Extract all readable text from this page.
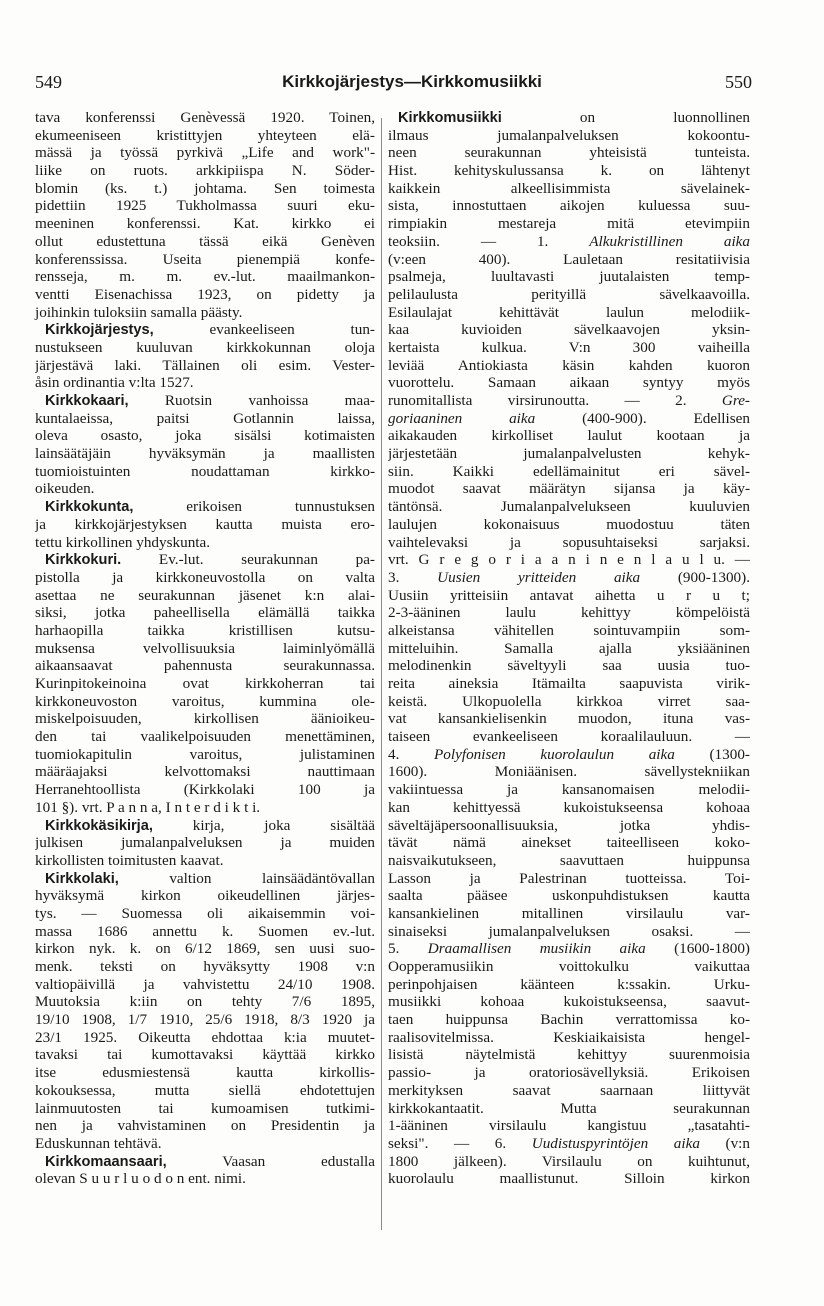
549	Kirkkojärjestys—Kirkkomusiikki	550
tava konferenssi Genèvessä 1920. Toinen,
ekumeeniseen kristittyjen yhteyteen elä-
mässä ja työssä pyrkivä „Life and work"-
liike on ruots. arkkipiispa N. Söder-
blomin (ks. t.) johtama. Sen toimesta
pidettiin 1925 Tukholmassa suuri eku-
meeninen konferenssi. Kat. kirkko ei
ollut edustettuna tässä eikä Genèven
konferenssissa. Useita pienempiä konfe-
rensseja, m. m. ev.-lut. maailmankon-
ventti Eisenachissa 1923, on pidetty ja
joihinkin tuloksiin samalla päästy.
Kirkkojärjestys, evankeeliseen tun-
nustukseen kuuluvan kirkkokunnan oloja
järjestävä laki. Tällainen oli esim. Vester-
åsin ordinantia v:lta 1527.
Kirkkokaari, Ruotsin vanhoissa maa-
kuntalaeissa, paitsi Gotlannin laissa,
oleva osasto, joka sisälsi kotimaisten
lainsäätäjäin hyväksymän ja maallisten
tuomioistuinten noudattaman kirkko-
oikeuden.
Kirkkokunta, erikoisen tunnustuksen
ja kirkkojärjestyksen kautta muista ero-
tettu kirkollinen yhdyskunta.
Kirkkokuri. Ev.-lut. seurakunnan pa-
pistolla ja kirkkoneuvostolla on valta
asettaa ne seurakunnan jäsenet k:n alai-
siksi, jotka paheellisella elämällä taikka
harhaopilla taikka kristillisen kutsu-
muksensa velvollisuuksia laiminlyömällä
aikaansaavat pahennusta seurakunnassa.
Kurinpitokeinoina ovat kirkkoherran tai
kirkkoneuvoston varoitus, kummina ole-
miskelpoisuuden, kirkollisen äänioikeu-
den tai vaalikelpoisuuden menettäminen,
tuomiokapitulin varoitus, julistaminen
määräajaksi kelvottomaksi nauttimaan
Herranehtoollista (Kirkkolaki 100 ja
101 §). vrt. P a n n a, I n t e r d i k t i.
Kirkkokäsikirja, kirja, joka sisältää
julkisen jumalanpalveluksen ja muiden
kirkollisten toimitusten kaavat.
Kirkkolaki, valtion lainsäädäntövallan
hyväksymä kirkon oikeudellinen järjes-
tys. — Suomessa oli aikaisemmin voi-
massa 1686 annettu k. Suomen ev.-lut.
kirkon nyk. k. on 6/12 1869, sen uusi suo-
menk. teksti on hyväksytty 1908 v:n
valtiopäivillä ja vahvistettu 24/10 1908.
Muutoksia k:iin on tehty 7/6 1895,
19/10 1908, 1/7 1910, 25/6 1918, 8/3 1920 ja
23/1 1925. Oikeutta ehdottaa k:ia muutet-
tavaksi tai kumottavaksi käyttää kirkko
itse edusmiestensä kautta kirkollis-
kokouksessa, mutta siellä ehdotettujen
lainmuutosten tai kumoamisen tutkimi-
nen ja vahvistaminen on Presidentin ja
Eduskunnan tehtävä.
Kirkkomaansaari, Vaasan edustalla
olevan S u u r l u o d o n ent. nimi.
Kirkkomusiikki on luonnollinen
ilmaus jumalanpalveluksen kokoontu-
neen seurakunnan yhteisistä tunteista.
Hist. kehityskulussansa k. on lähtenyt
kaikkein alkeellisimmista sävelainek-
sista, innostuttaen aikojen kuluessa suu-
rimpiakin mestareja mitä etevimpiin
teoksiin. — 1. Alkukristillinen aika
(v:een 400). Lauletaan resitatiivisia
psalmeja, luultavasti juutalaisten temp-
pelilaulusta perityillä sävelkaavoilla.
Esilaulajat kehittävät laulun melodiik-
kaa kuvioiden sävelkaavojen yksin-
kertaista kulkua. V:n 300 vaiheilla
leviää Antiokiasta käsin kahden kuoron
vuorottelu. Samaan aikaan syntyy myös
runomitallista virsirunoutta. — 2. Gre-
goriaaninen aika (400-900). Edellisen
aikakauden kirkolliset laulut kootaan ja
järjestetään jumalanpalvelusten kehyk-
siin. Kaikki edellämainitut eri sävel-
muodot saavat määrätyn sijansa ja käy-
täntönsä. Jumalanpalvelukseen kuuluvien
laulujen kokonaisuus muodostuu täten
vaihtelevaksi ja sopusuhtaiseksi sarjaksi.
vrt. G r e g o r i a a n i n e n l a u l u. —
3. Uusien yritteiden aika (900-1300).
Uusiin yritteisiin antavat aihetta u r u t;
2-3-ääninen laulu kehittyy kömpelöistä
alkeistansa vähitellen sointuvampiin som-
mitteluihin. Samalla ajalla yksiääninen
melodinenkin säveltyyli saa uusia tuo-
reita aineksia Itämailta saapuvista virik-
keistä. Ulkopuolella kirkkoa virret saa-
vat kansankielisenkin muodon, ituna vas-
taiseen evankeeliseen koraalilauluun. —
4. Polyfonisen kuorolaulun aika (1300-
1600). Moniäänisen. sävellystekniikan
vakiintuessa ja kansanomaisen melodii-
kan kehittyessä kukoistukseensa kohoaa
säveltäjäpersoonallisuuksia, jotka yhdis-
tävät nämä ainekset taiteelliseen koko-
naisvaikutukseen, saavuttaen huippunsa
Lasson ja Palestrinan tuotteissa. Toi-
saalta pääsee uskonpuhdistuksen kautta
kansankielinen mitallinen virsilaulu var-
sinaiseksi jumalanpalveluksen osaksi. —
5. Draamallisen musiikin aika (1600-1800)
Oopperamusiikin voittokulku vaikuttaa
perinpohjaisen käänteen k:ssakin. Urku-
musiikki kohoaa kukoistukseensa, saavut-
taen huippunsa Bachin verrattomissa ko-
raalisovitelmissa. Keskiaikaisista hengel-
lisistä näytelmistä kehittyy suurenmoisia
passio- ja oratoriosävellyksiä. Erikoisen
merkityksen saavat saarnaan liittyvät
kirkkokantaatit. Mutta seurakunnan
1-ääninen virsilaulu kangistuu „tasatahti-
seksi". — 6. Uudistuspyrintöjen aika (v:n
1800 jälkeen). Virsilaulu on kuihtunut,
kuorolaulu maallistunut. Silloin kirkon
